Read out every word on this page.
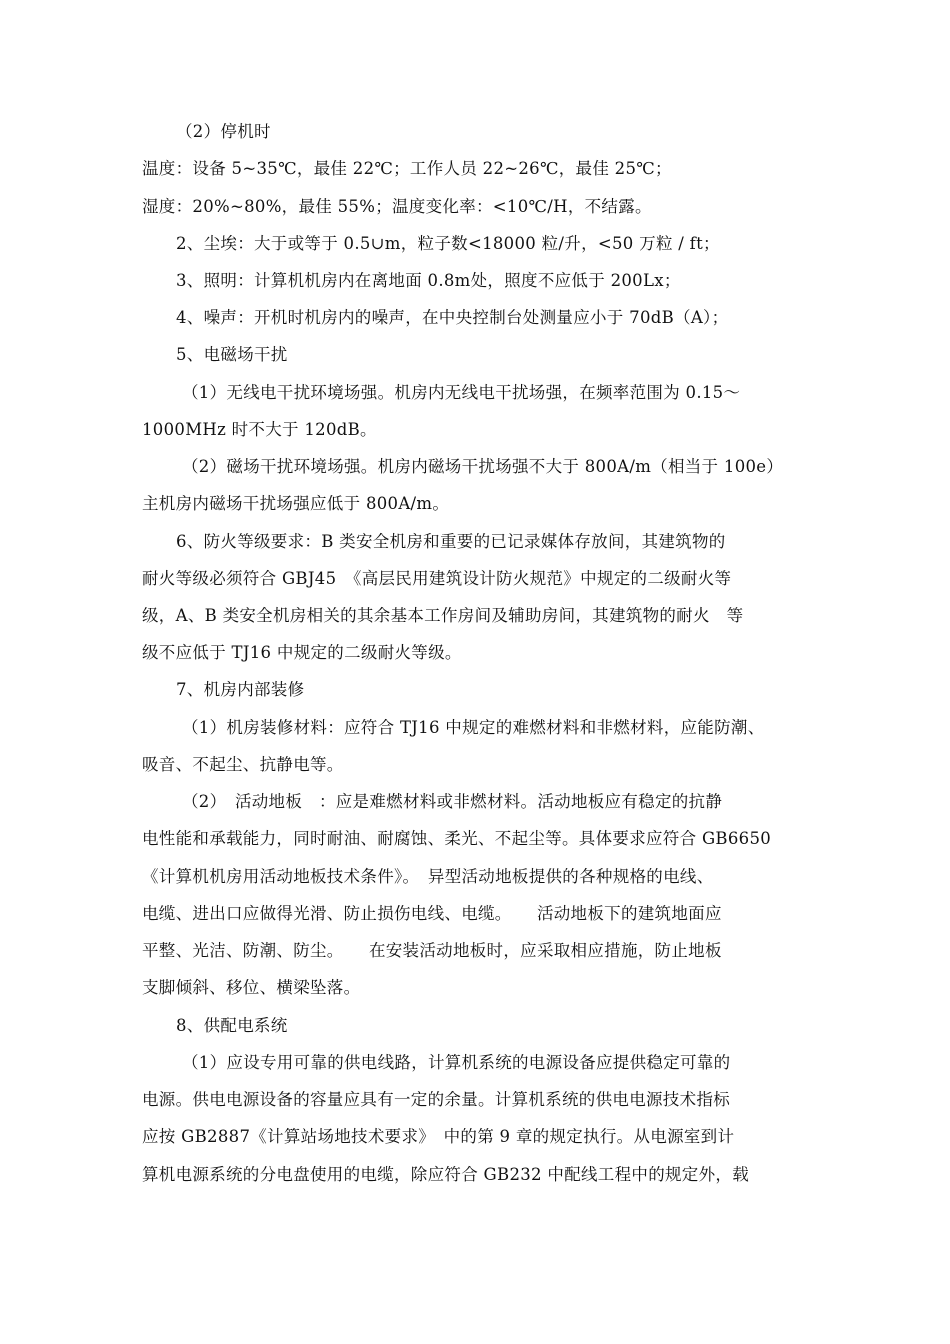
（2）停机时
温度：设备 5~35℃，最佳 22℃；工作人员 22~26℃，最佳 25℃；
湿度：20%~80%，最佳 55%；温度变化率：<10℃/H，不结露。
2、尘埃：大于或等于 0.5∪m，粒子数<18000 粒/升，<50 万粒 / ft；
3、照明：计算机机房内在离地面 0.8m处，照度不应低于 200Lx；
4、噪声：开机时机房内的噪声，在中央控制台处测量应小于 70dB（A）；
5、电磁场干扰
（1）无线电干扰环境场强。机房内无线电干扰场强，在频率范围为 0.15～
1000MHz 时不大于 120dB。
（2）磁场干扰环境场强。机房内磁场干扰场强不大于 800A/m（相当于 100e）
主机房内磁场干扰场强应低于 800A/m。
6、防火等级要求：B 类安全机房和重要的已记录媒体存放间，其建筑物的
耐火等级必须符合 GBJ45　《高层民用建筑设计防火规范》中规定的二级耐火等
级，A、B 类安全机房相关的其余基本工作房间及辅助房间，其建筑物的耐火　等
级不应低于 TJ16 中规定的二级耐火等级。
7、机房内部装修
（1）机房装修材料：应符合 TJ16 中规定的难燃材料和非燃材料，应能防潮、
吸音、不起尘、抗静电等。
（2）　活动地板　：应是难燃材料或非燃材料。活动地板应有稳定的抗静
电性能和承载能力，同时耐油、耐腐蚀、柔光、不起尘等。具体要求应符合 GB6650
《计算机机房用活动地板技术条件》。　异型活动地板提供的各种规格的电线、
电缆、进出口应做得光滑、防止损伤电线、电缆。　　活动地板下的建筑地面应
平整、光洁、防潮、防尘。　　在安装活动地板时，应采取相应措施，防止地板
支脚倾斜、移位、横梁坠落。
8、供配电系统
（1）应设专用可靠的供电线路，计算机系统的电源设备应提供稳定可靠的
电源。供电电源设备的容量应具有一定的余量。计算机系统的供电电源技术指标
应按 GB2887《计算站场地技术要求》　中的第 9 章的规定执行。从电源室到计
算机电源系统的分电盘使用的电缆，除应符合 GB232 中配线工程中的规定外，载
